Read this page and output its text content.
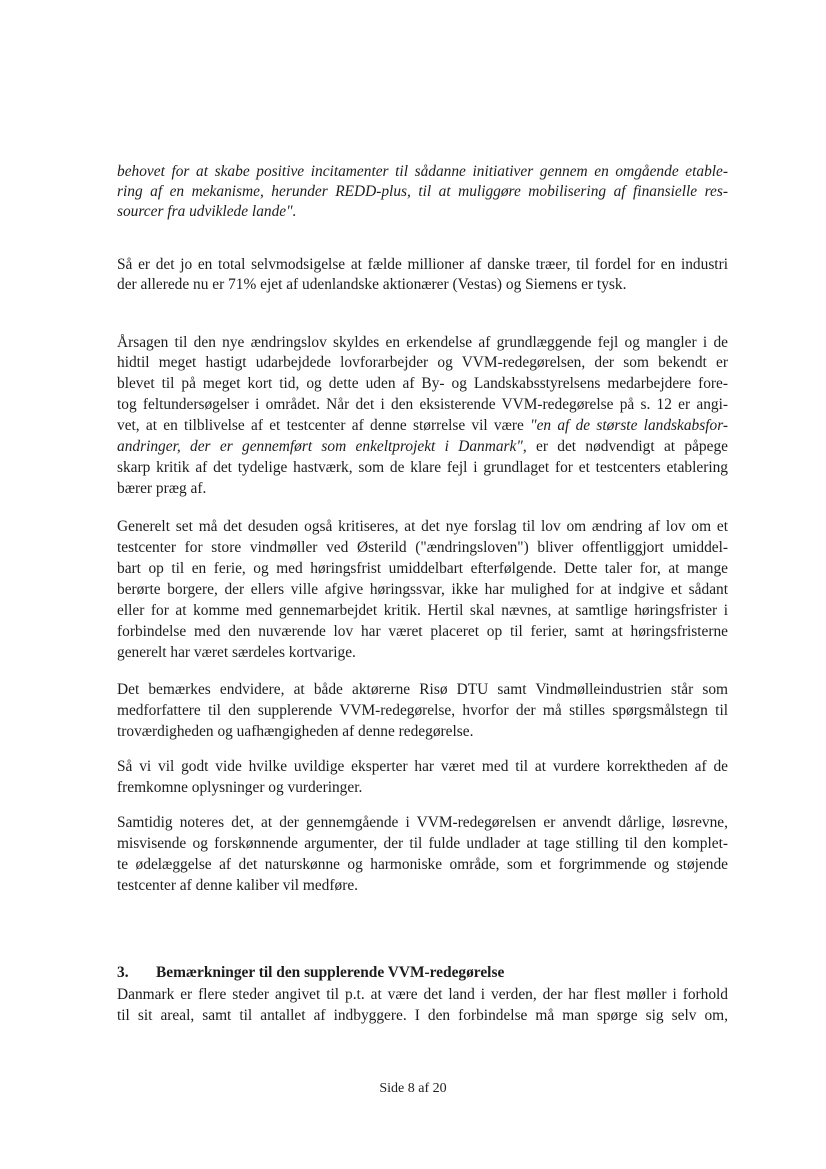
behovet for at skabe positive incitamenter til sådanne initiativer gennem en omgående etable-
ring af en mekanisme, herunder REDD-plus, til at muliggøre mobilisering af finansielle res-
sourcer fra udviklede lande".
Så er det jo en total selvmodsigelse at fælde millioner af danske træer, til fordel for en industri
der allerede nu er 71% ejet af udenlandske aktionærer (Vestas) og Siemens er tysk.
Årsagen til den nye ændringslov skyldes en erkendelse af grundlæggende fejl og mangler i de
hidtil meget hastigt udarbejdede lovforarbejder og VVM-redegørelsen, der som bekendt er
blevet til på meget kort tid, og dette uden af By- og Landskabsstyrelsens medarbejdere fore-
tog feltundersøgelser i området. Når det i den eksisterende VVM-redegørelse på s. 12 er angi-
vet, at en tilblivelse af et testcenter af denne størrelse vil være "en af de største landskabsfor-
andringer, der er gennemført som enkeltprojekt i Danmark", er det nødvendigt at påpege
skarp kritik af det tydelige hastværk, som de klare fejl i grundlaget for et testcenters etablering
bærer præg af.
Generelt set må det desuden også kritiseres, at det nye forslag til lov om ændring af lov om et
testcenter for store vindmøller ved Østerild ("ændringsloven") bliver offentliggjort umiddel-
bart op til en ferie, og med høringsfrist umiddelbart efterfølgende. Dette taler for, at mange
berørte borgere, der ellers ville afgive høringssvar, ikke har mulighed for at indgive et sådant
eller for at komme med gennemarbejdet kritik. Hertil skal nævnes, at samtlige høringsfrister i
forbindelse med den nuværende lov har været placeret op til ferier, samt at høringsfristerne
generelt har været særdeles kortvarige.
Det bemærkes endvidere, at både aktørerne Risø DTU samt Vindmølleindustrien står som
medforfattere til den supplerende VVM-redegørelse, hvorfor der må stilles spørgsmålstegn til
troværdigheden og uafhængigheden af denne redegørelse.
Så vi vil godt vide hvilke uvildige eksperter har været med til at vurdere korrektheden af de
fremkomne oplysninger og vurderinger.
Samtidig noteres det, at der gennemgående i VVM-redegørelsen er anvendt dårlige, løsrevne,
misvisende og forskønnende argumenter, der til fulde undlader at tage stilling til den komplet-
te ødelæggelse af det naturskønne og harmoniske område, som et forgrimmende og støjende
testcenter af denne kaliber vil medføre.
3. Bemærkninger til den supplerende VVM-redegørelse
Danmark er flere steder angivet til p.t. at være det land i verden, der har flest møller i forhold
til sit areal, samt til antallet af indbyggere. I den forbindelse må man spørge sig selv om,
Side 8 af 20
